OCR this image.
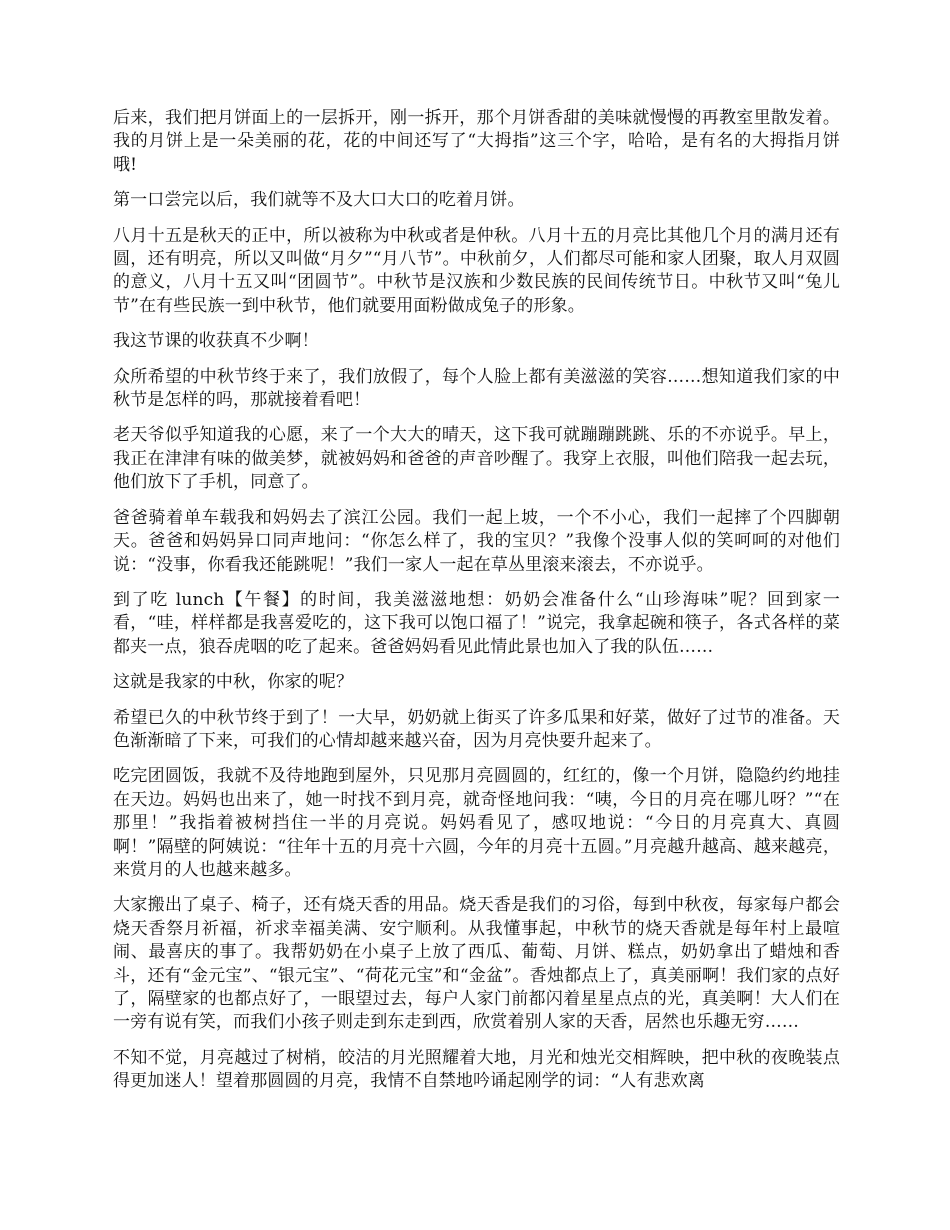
后来，我们把月饼面上的一层拆开，刚一拆开，那个月饼香甜的美味就慢慢的再教室里散发着。我的月饼上是一朵美丽的花，花的中间还写了“大拇指”这三个字，哈哈，是有名的大拇指月饼哦!

第一口尝完以后，我们就等不及大口大口的吃着月饼。

八月十五是秋天的正中，所以被称为中秋或者是仲秋。八月十五的月亮比其他几个月的满月还有圆，还有明亮，所以又叫做“月夕”“月八节”。中秋前夕，人们都尽可能和家人团聚，取人月双圆的意义，八月十五又叫“团圆节”。中秋节是汉族和少数民族的民间传统节日。中秋节又叫“兔儿节”在有些民族一到中秋节，他们就要用面粉做成兔子的形象。

我这节课的收获真不少啊！

众所希望的中秋节终于来了，我们放假了，每个人脸上都有美滋滋的笑容……想知道我们家的中秋节是怎样的吗，那就接着看吧！

老天爷似乎知道我的心愿，来了一个大大的晴天，这下我可就蹦蹦跳跳、乐的不亦说乎。早上，我正在津津有味的做美梦，就被妈妈和爸爸的声音吵醒了。我穿上衣服，叫他们陪我一起去玩，他们放下了手机，同意了。

爸爸骑着单车载我和妈妈去了滨江公园。我们一起上坡，一个不小心，我们一起摔了个四脚朝天。爸爸和妈妈异口同声地问：“你怎么样了，我的宝贝？”我像个没事人似的笑呵呵的对他们说：“没事，你看我还能跳呢！”我们一家人一起在草丛里滚来滚去，不亦说乎。

到了吃 lunch【午餐】的时间，我美滋滋地想：奶奶会准备什么“山珍海味”呢？回到家一看，“哇，样样都是我喜爱吃的，这下我可以饱口福了！”说完，我拿起碗和筷子，各式各样的菜都夹一点，狼吞虎咽的吃了起来。爸爸妈妈看见此情此景也加入了我的队伍……

这就是我家的中秋，你家的呢？

希望已久的中秋节终于到了！一大早，奶奶就上街买了许多瓜果和好菜，做好了过节的准备。天色渐渐暗了下来，可我们的心情却越来越兴奋，因为月亮快要升起来了。

吃完团圆饭，我就不及待地跑到屋外，只见那月亮圆圆的，红红的，像一个月饼，隐隐约约地挂在天边。妈妈也出来了，她一时找不到月亮，就奇怪地问我：“咦，今日的月亮在哪儿呀？”“在那里！”我指着被树挡住一半的月亮说。妈妈看见了，感叹地说：“今日的月亮真大、真圆啊！”隔壁的阿姨说：“往年十五的月亮十六圆，今年的月亮十五圆。”月亮越升越高、越来越亮，来赏月的人也越来越多。

大家搬出了桌子、椅子，还有烧天香的用品。烧天香是我们的习俗，每到中秋夜，每家每户都会烧天香祭月祈福，祈求幸福美满、安宁顺利。从我懂事起，中秋节的烧天香就是每年村上最喧闹、最喜庆的事了。我帮奶奶在小桌子上放了西瓜、葡萄、月饼、糕点，奶奶拿出了蜡烛和香斗，还有“金元宝”、“银元宝”、“荷花元宝”和“金盆”。香烛都点上了，真美丽啊！我们家的点好了，隔壁家的也都点好了，一眼望过去，每户人家门前都闪着星星点点的光，真美啊！大人们在一旁有说有笑，而我们小孩子则走到东走到西，欣赏着别人家的天香，居然也乐趣无穷……

不知不觉，月亮越过了树梢，皎洁的月光照耀着大地，月光和烛光交相辉映，把中秋的夜晚装点得更加迷人！望着那圆圆的月亮，我情不自禁地吟诵起刚学的词：“人有悲欢离
